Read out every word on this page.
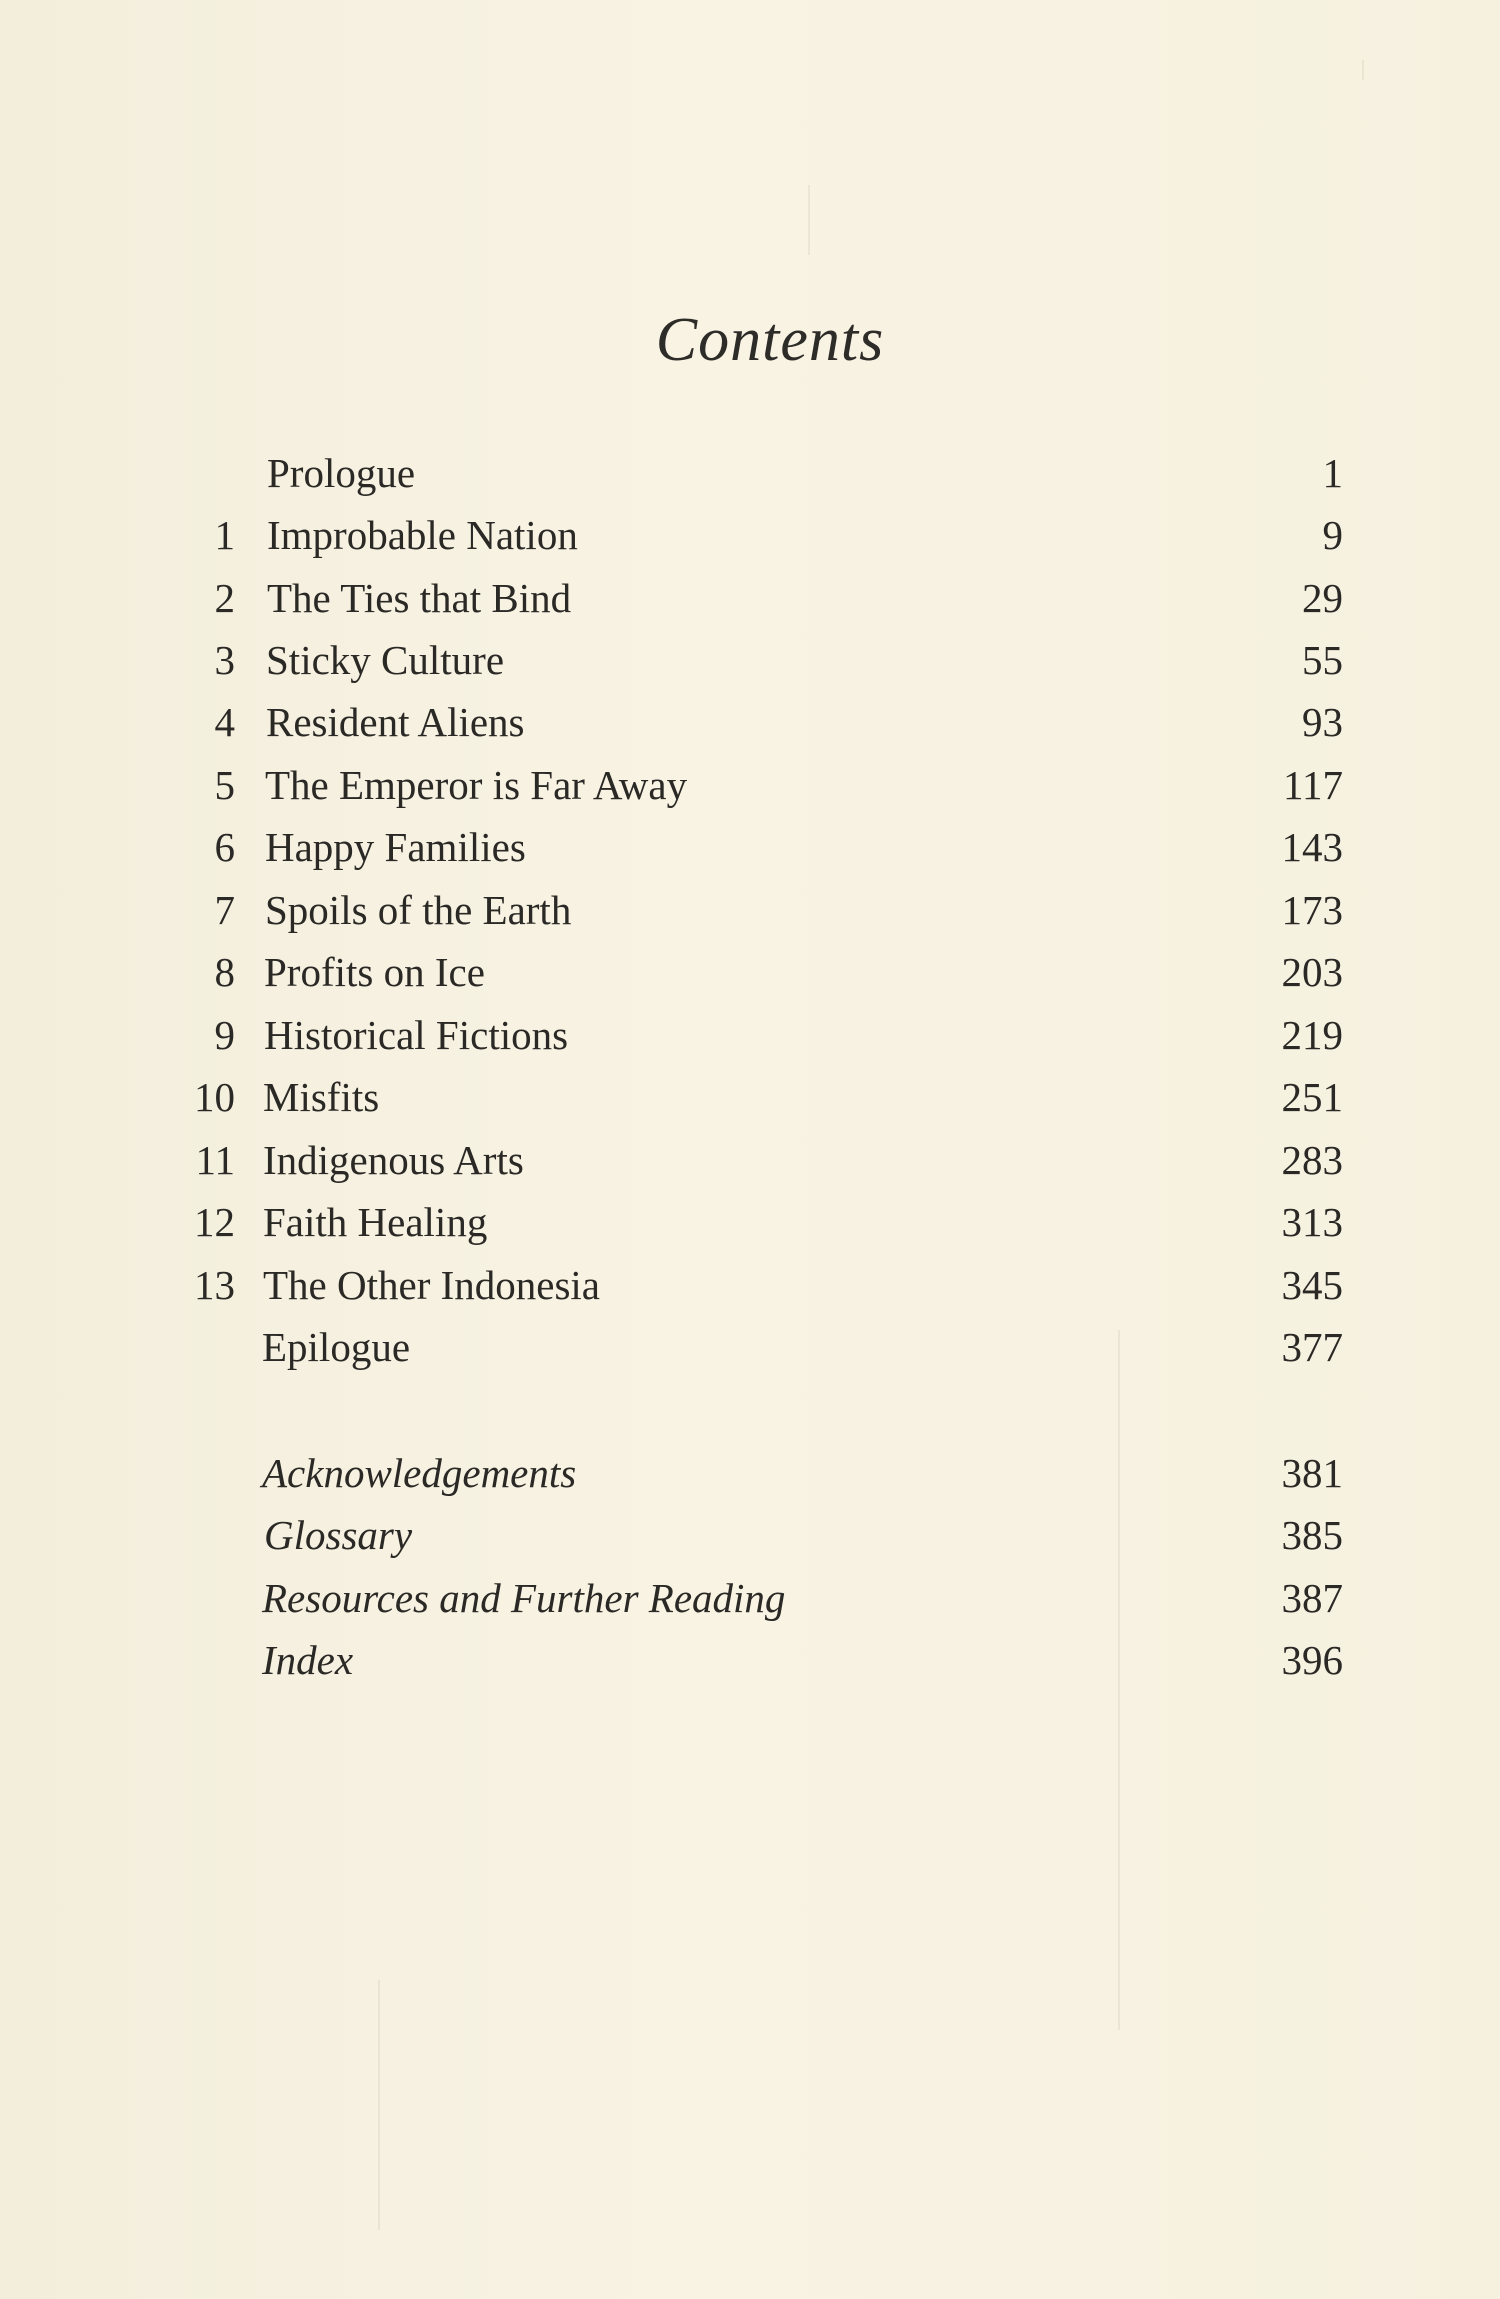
Contents
Prologue	1
1 Improbable Nation	9
2 The Ties that Bind	29
3 Sticky Culture	55
4 Resident Aliens	93
5 The Emperor is Far Away	117
6 Happy Families	143
7 Spoils of the Earth	173
8 Profits on Ice	203
9 Historical Fictions	219
10 Misfits	251
11 Indigenous Arts	283
12 Faith Healing	313
13 The Other Indonesia	345
Epilogue	377
Acknowledgements	381
Glossary	385
Resources and Further Reading	387
Index	396
